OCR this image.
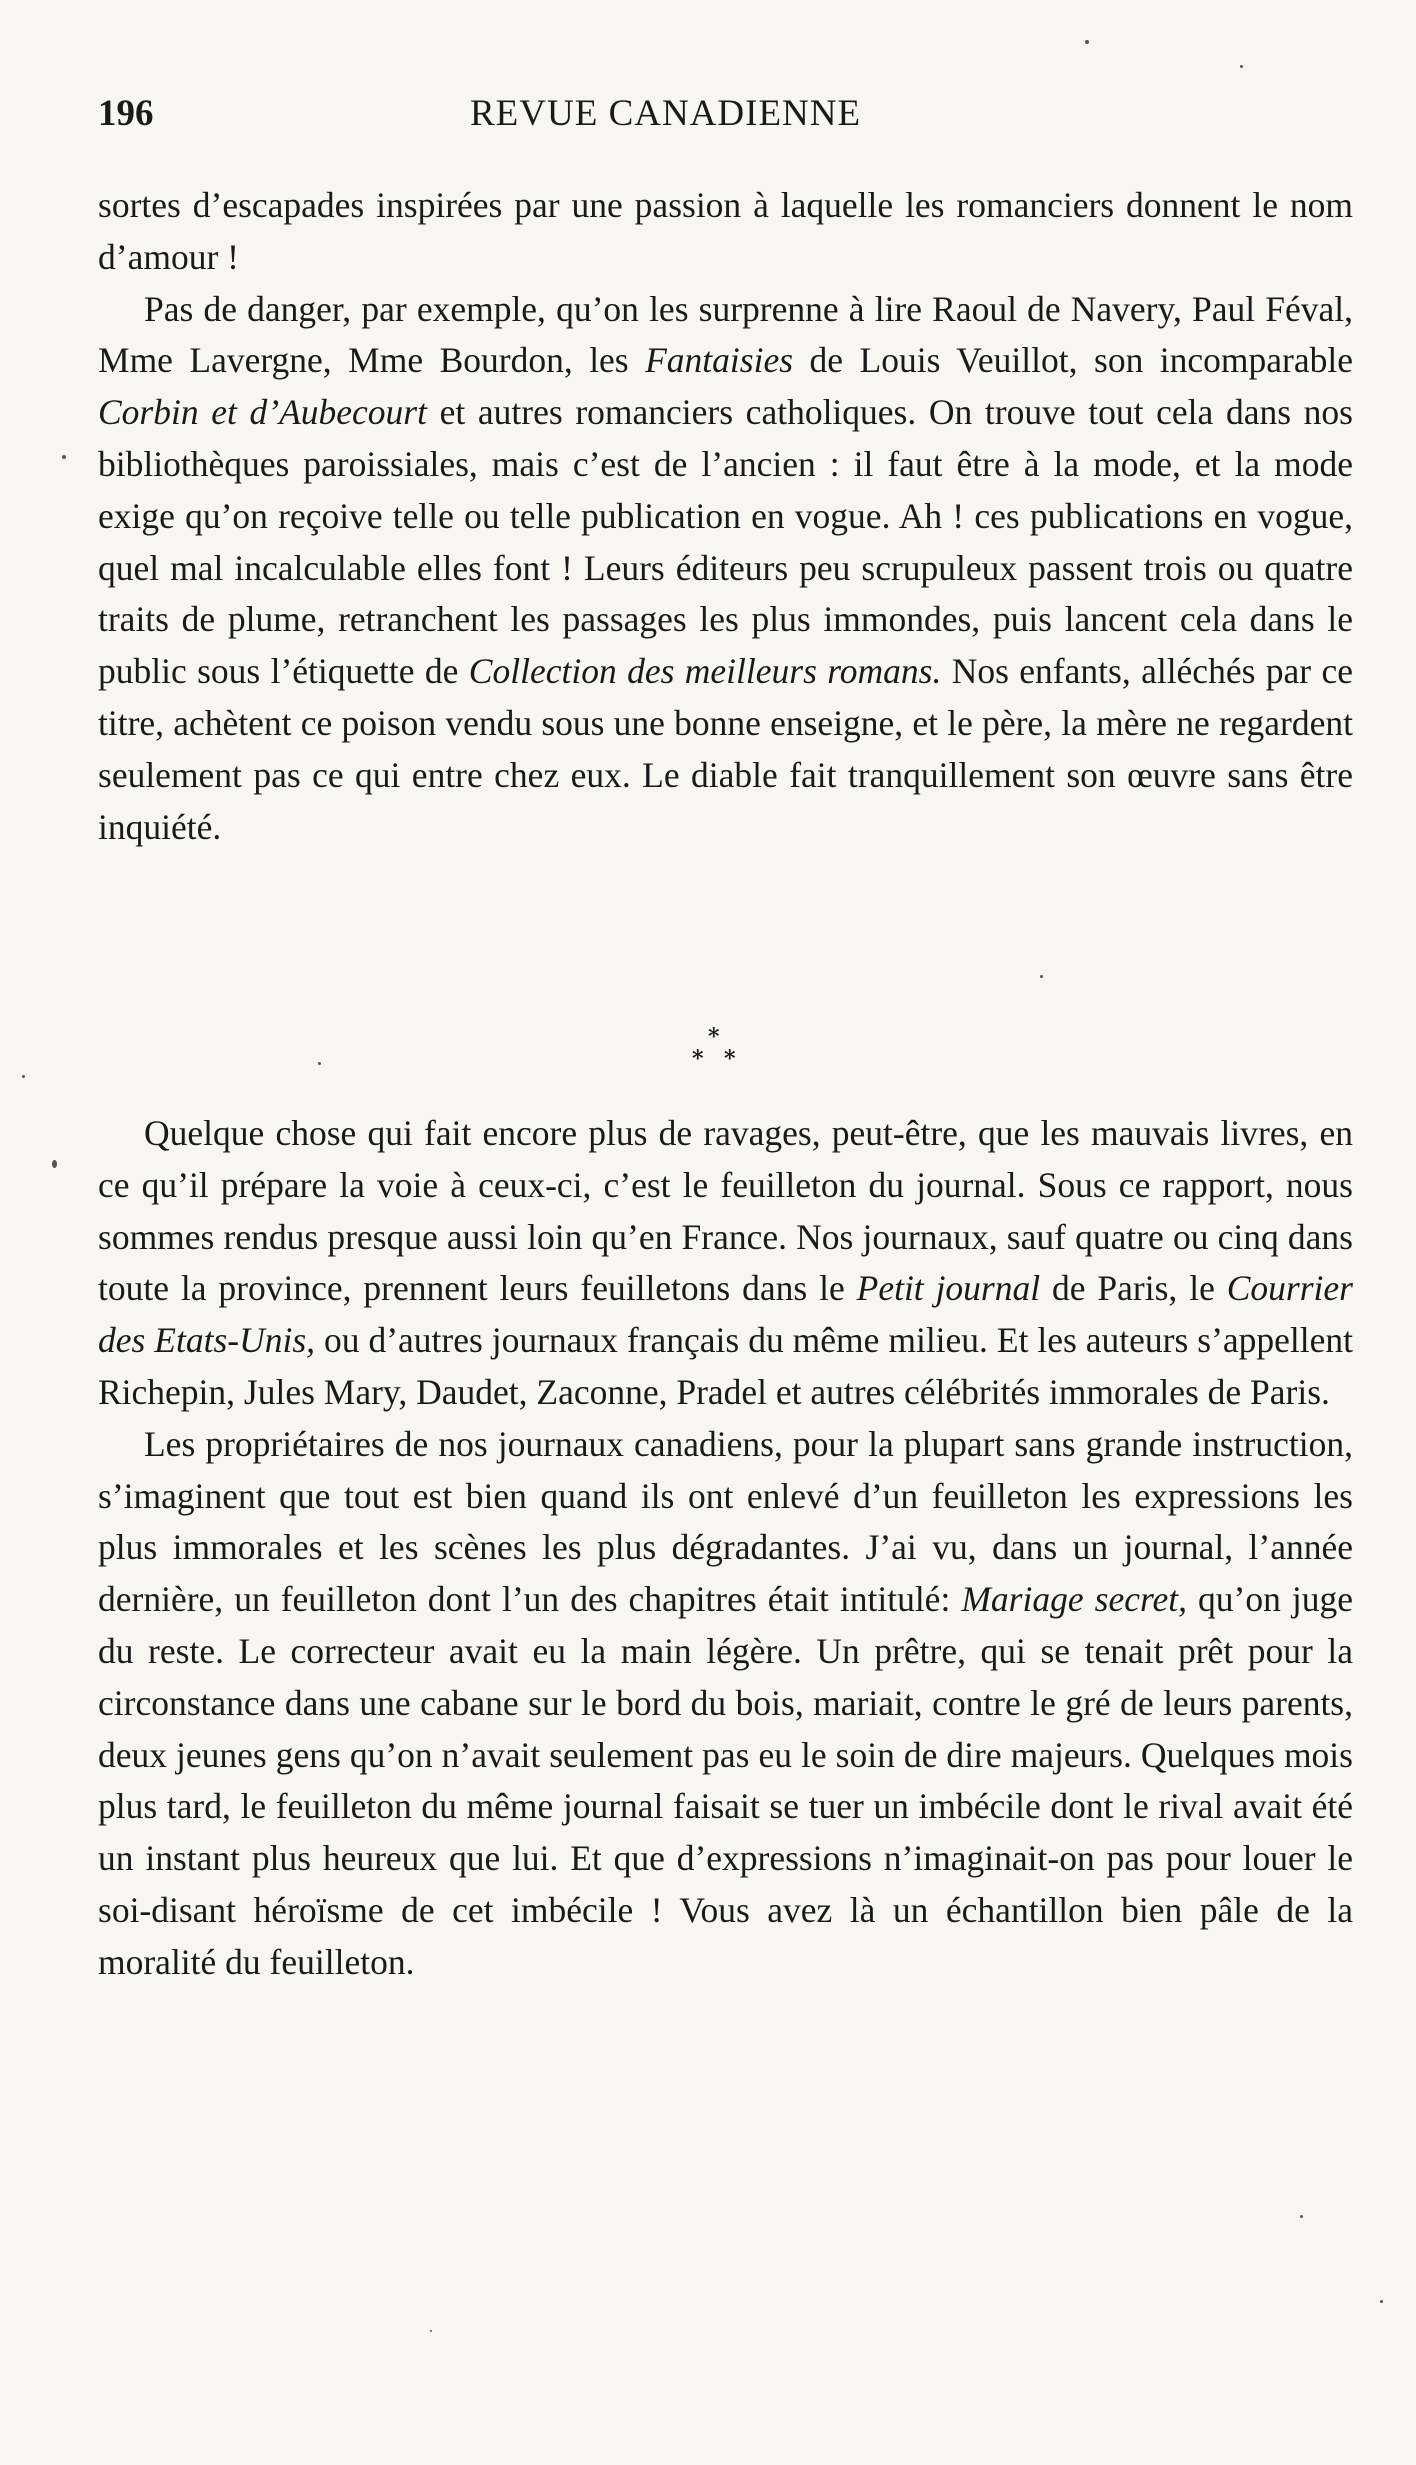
196	REVUE CANADIENNE

sortes d’escapades inspirées par une passion à laquelle les romanciers donnent le nom d’amour !

Pas de danger, par exemple, qu’on les surprenne à lire Raoul de Navery, Paul Féval, Mme Lavergne, Mme Bourdon, les Fantaisies de Louis Veuillot, son incomparable Corbin et d’Aubecourt et autres romanciers catholiques. On trouve tout cela dans nos bibliothèques paroissiales, mais c’est de l’ancien : il faut être à la mode, et la mode exige qu’on reçoive telle ou telle publication en vogue. Ah ! ces publications en vogue, quel mal incalculable elles font ! Leurs éditeurs peu scrupuleux passent trois ou quatre traits de plume, retranchent les passages les plus immondes, puis lancent cela dans le public sous l’étiquette de Collection des meilleurs romans. Nos enfants, alléchés par ce titre, achètent ce poison vendu sous une bonne enseigne, et le père, la mère ne regardent seulement pas ce qui entre chez eux. Le diable fait tranquillement son œuvre sans être inquiété.

*
* *

Quelque chose qui fait encore plus de ravages, peut-être, que les mauvais livres, en ce qu’il prépare la voie à ceux-ci, c’est le feuilleton du journal. Sous ce rapport, nous sommes rendus presque aussi loin qu’en France. Nos journaux, sauf quatre ou cinq dans toute la province, prennent leurs feuilletons dans le Petit journal de Paris, le Courrier des Etats-Unis, ou d’autres journaux français du même milieu. Et les auteurs s’appellent Richepin, Jules Mary, Daudet, Zaconne, Pradel et autres célébrités immorales de Paris.

Les propriétaires de nos journaux canadiens, pour la plupart sans grande instruction, s’imaginent que tout est bien quand ils ont enlevé d’un feuilleton les expressions les plus immorales et les scènes les plus dégradantes. J’ai vu, dans un journal, l’année dernière, un feuilleton dont l’un des chapitres était intitulé: Mariage secret, qu’on juge du reste. Le correcteur avait eu la main légère. Un prêtre, qui se tenait prêt pour la circonstance dans une cabane sur le bord du bois, mariait, contre le gré de leurs parents, deux jeunes gens qu’on n’avait seulement pas eu le soin de dire majeurs. Quelques mois plus tard, le feuilleton du même journal faisait se tuer un imbécile dont le rival avait été un instant plus heureux que lui. Et que d’expressions n’imaginait-on pas pour louer le soi-disant héroïsme de cet imbécile ! Vous avez là un échantillon bien pâle de la moralité du feuilleton.
